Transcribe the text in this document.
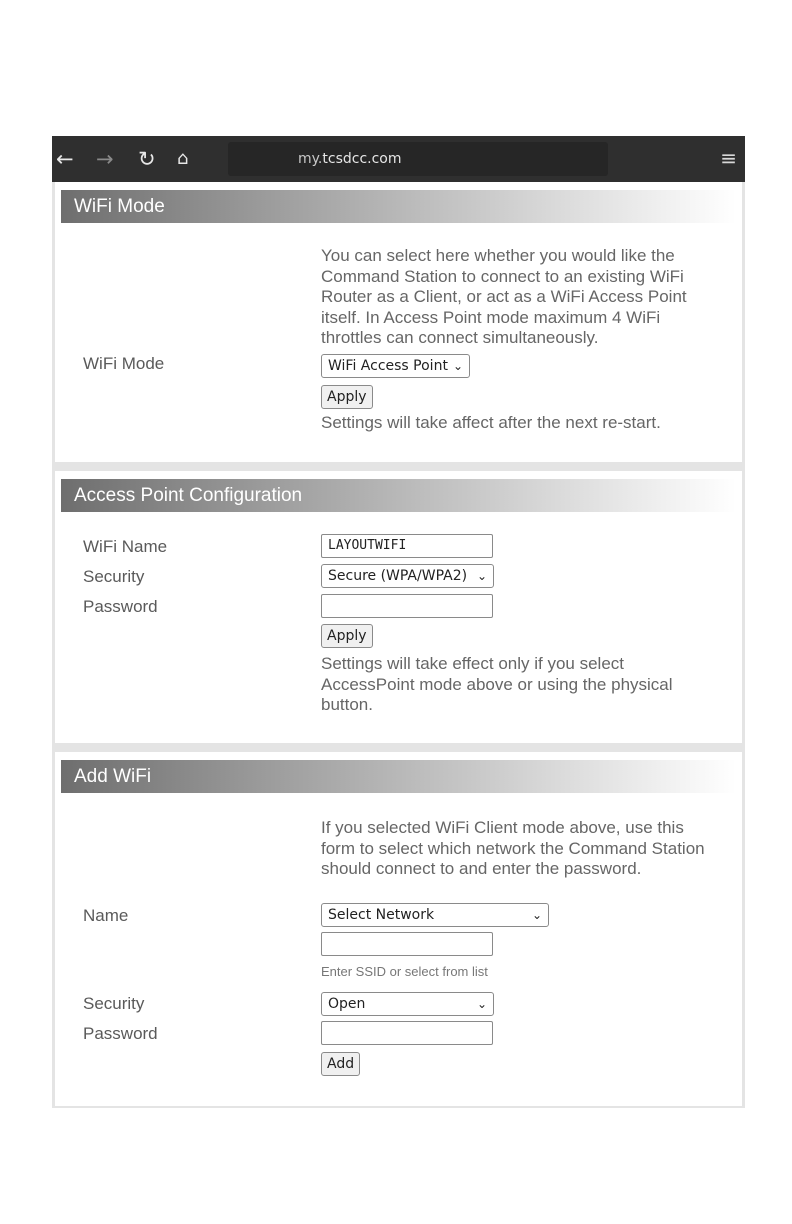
← → ↻ ⌂	my.tcsdcc.com	≡
WiFi Mode
You can select here whether you would like the Command Station to connect to an existing WiFi Router as a Client, or act as a WiFi Access Point itself. In Access Point mode maximum 4 WiFi throttles can connect simultaneously.
WiFi Mode	WiFi Access Point ⌄
Apply
Settings will take affect after the next re-start.
Access Point Configuration
WiFi Name	LAYOUTWIFI
Security	Secure (WPA/WPA2) ⌄
Password
Apply
Settings will take effect only if you select AccessPoint mode above or using the physical button.
Add WiFi
If you selected WiFi Client mode above, use this form to select which network the Command Station should connect to and enter the password.
Name	Select Network	⌄
Enter SSID or select from list
Security	Open	⌄
Password
Add
